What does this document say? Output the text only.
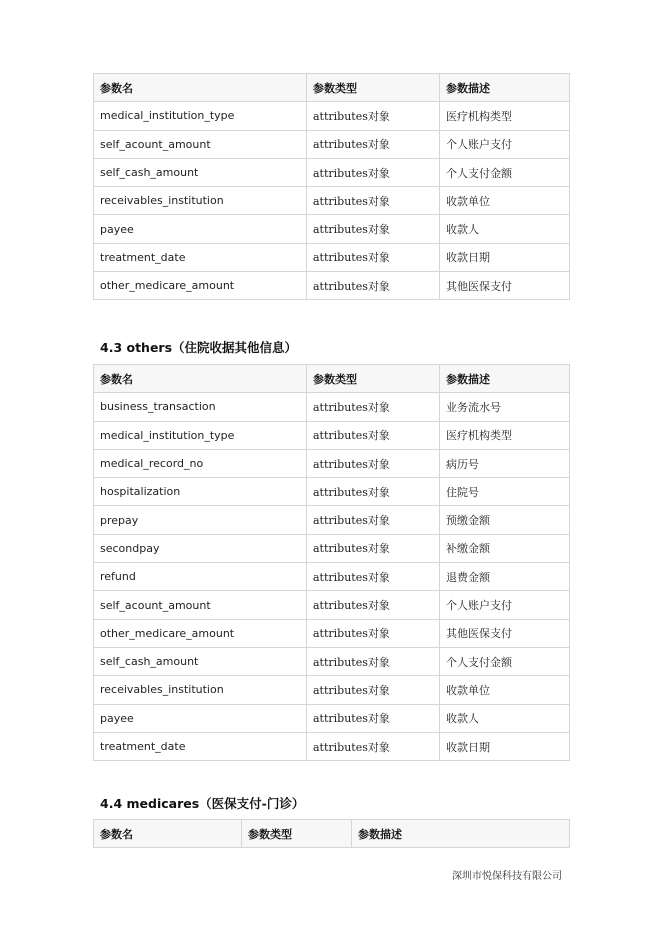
参数名	参数类型	参数描述
medical_institution_type	attributes对象	医疗机构类型
self_acount_amount	attributes对象	个人账户支付
self_cash_amount	attributes对象	个人支付金额
receivables_institution	attributes对象	收款单位
payee	attributes对象	收款人
treatment_date	attributes对象	收款日期
other_medicare_amount	attributes对象	其他医保支付
4.3 others（住院收据其他信息）
参数名	参数类型	参数描述
business_transaction	attributes对象	业务流水号
medical_institution_type	attributes对象	医疗机构类型
medical_record_no	attributes对象	病历号
hospitalization	attributes对象	住院号
prepay	attributes对象	预缴金额
secondpay	attributes对象	补缴金额
refund	attributes对象	退费金额
self_acount_amount	attributes对象	个人账户支付
other_medicare_amount	attributes对象	其他医保支付
self_cash_amount	attributes对象	个人支付金额
receivables_institution	attributes对象	收款单位
payee	attributes对象	收款人
treatment_date	attributes对象	收款日期
4.4 medicares（医保支付-门诊）
参数名	参数类型	参数描述
深圳市悦保科技有限公司
